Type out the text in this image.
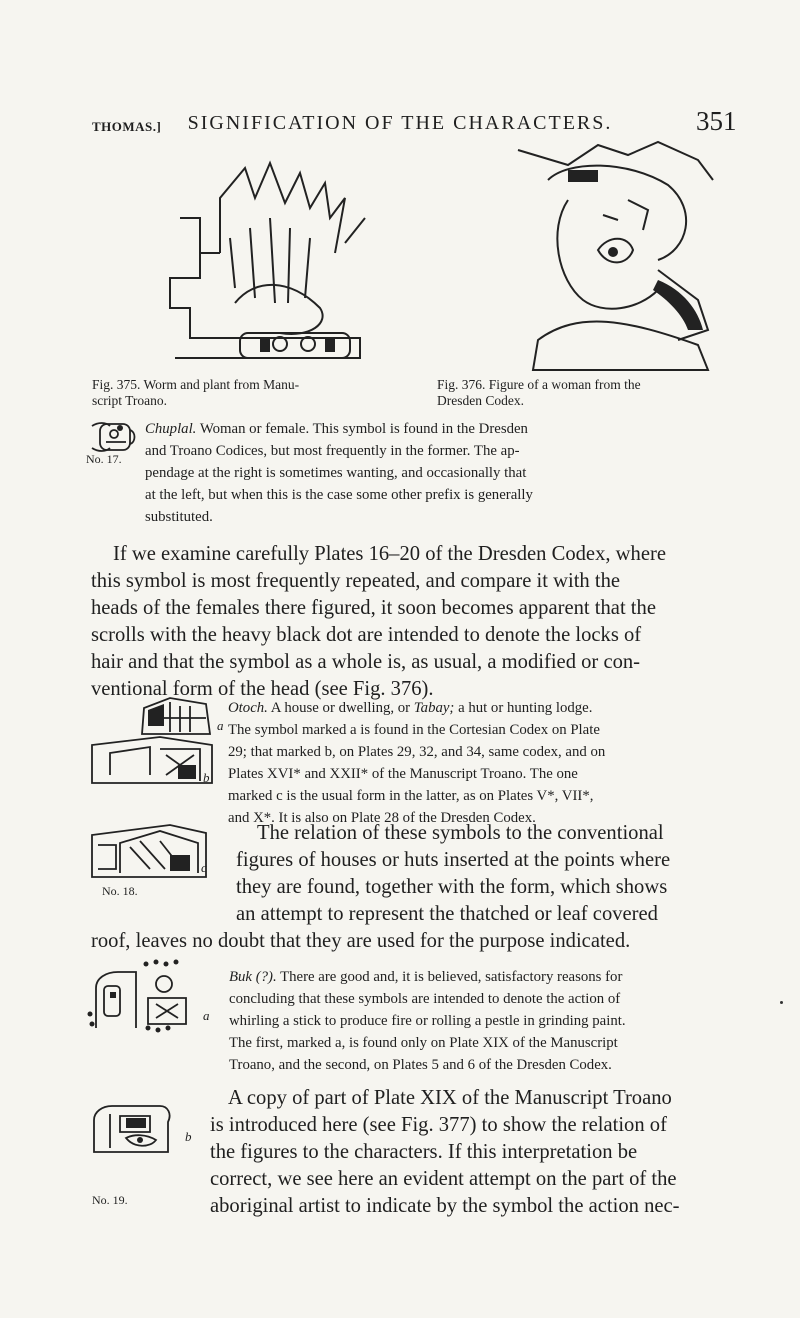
THOMAS.]	SIGNIFICATION OF THE CHARACTERS.	351
Fig. 375. Worm and plant from Manu-
script Troano.
Fig. 376. Figure of a woman from the
Dresden Codex.
No. 17.
Chuplal. Woman or female. This symbol is found in the Dresden
and Troano Codices, but most frequently in the former. The ap-
pendage at the right is sometimes wanting, and occasionally that
at the left, but when this is the case some other prefix is generally
substituted.
If we examine carefully Plates 16–20 of the Dresden Codex, where
this symbol is most frequently repeated, and compare it with the
heads of the females there figured, it soon becomes apparent that the
scrolls with the heavy black dot are intended to denote the locks of
hair and that the symbol as a whole is, as usual, a modified or con-
ventional form of the head (see Fig. 376).
a
b
Otoch. A house or dwelling, or Tabay; a hut or hunting lodge.
The symbol marked a is found in the Cortesian Codex on Plate
29; that marked b, on Plates 29, 32, and 34, same codex, and on
Plates XVI* and XXII* of the Manuscript Troano. The one
marked c is the usual form in the latter, as on Plates V*, VII*,
and X*. It is also on Plate 28 of the Dresden Codex.
c
No. 18.
The relation of these symbols to the conventional
figures of houses or huts inserted at the points where
they are found, together with the form, which shows
an attempt to represent the thatched or leaf covered
roof, leaves no doubt that they are used for the purpose indicated.
a
Buk (?). There are good and, it is believed, satisfactory reasons for
concluding that these symbols are intended to denote the action of
whirling a stick to produce fire or rolling a pestle in grinding paint.
The first, marked a, is found only on Plate XIX of the Manuscript
Troano, and the second, on Plates 5 and 6 of the Dresden Codex.
b
No. 19.
A copy of part of Plate XIX of the Manuscript Troano
is introduced here (see Fig. 377) to show the relation of
the figures to the characters. If this interpretation be
correct, we see here an evident attempt on the part of the
aboriginal artist to indicate by the symbol the action nec-
